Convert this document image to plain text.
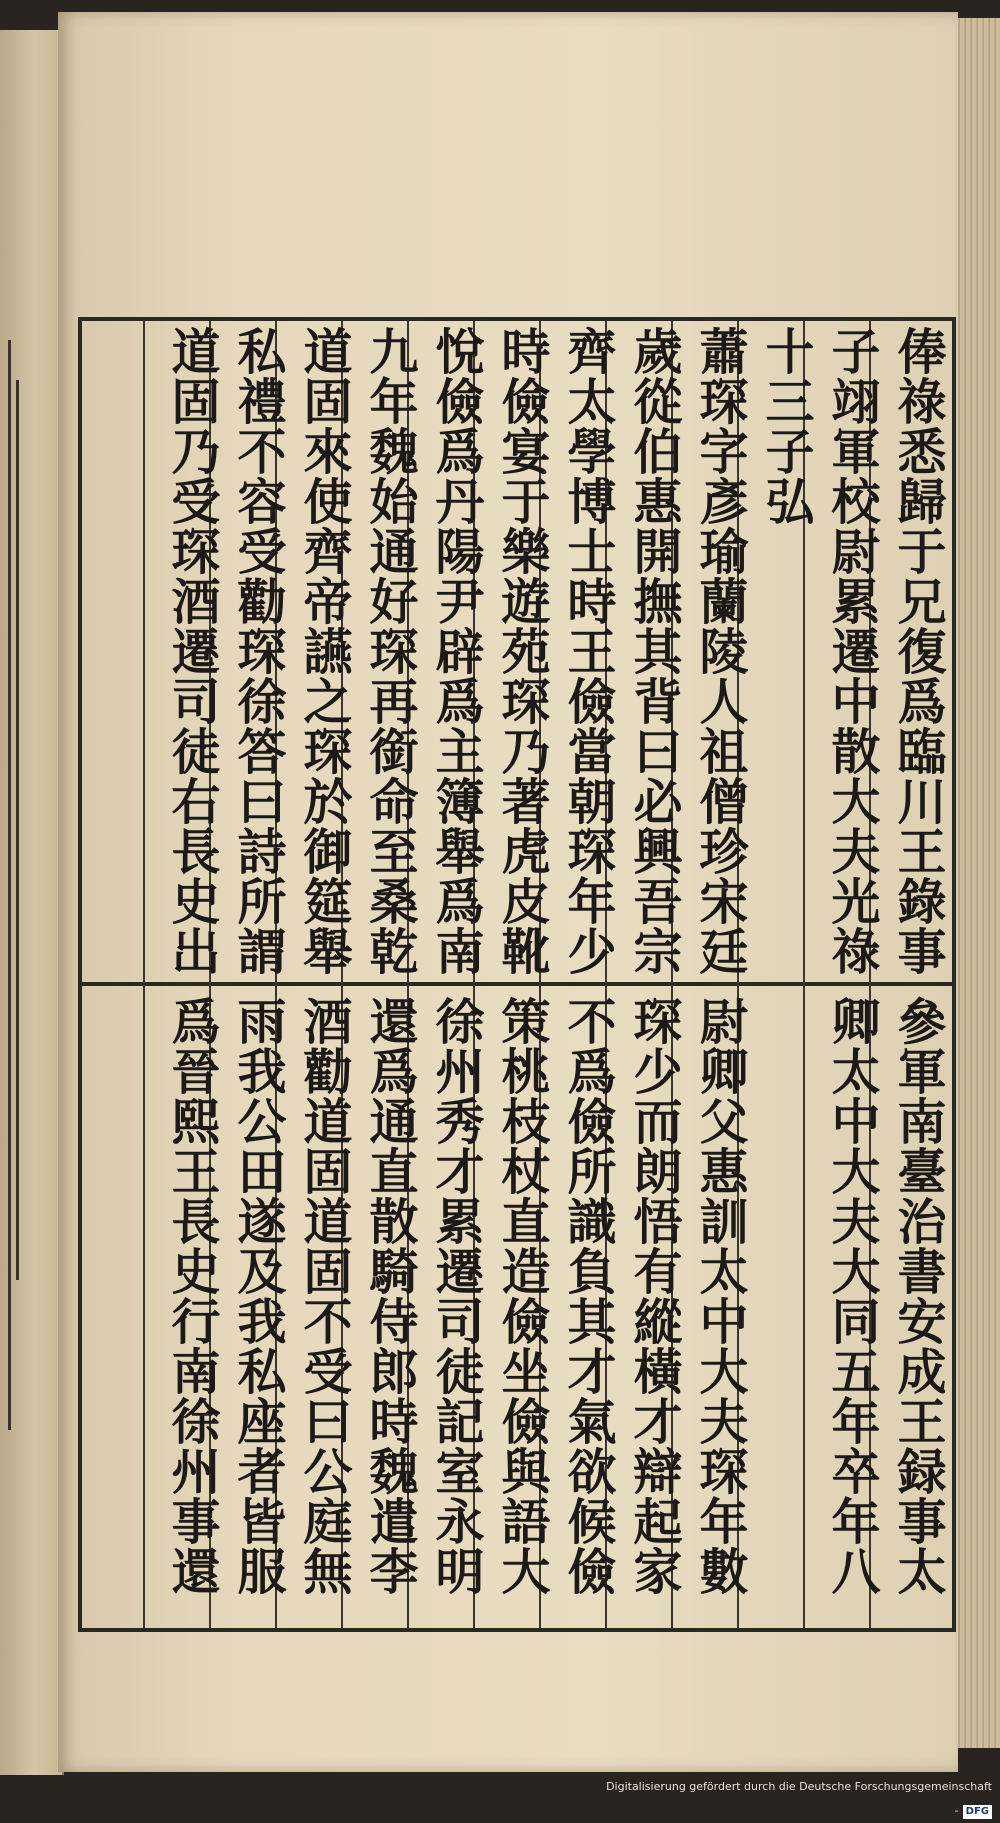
俸祿悉歸于兄復爲臨川王錄事
子翊軍校尉累遷中散大夫光祿
十三子弘
蕭琛字彥瑜蘭陵人祖僧珍宋廷
歲從伯惠開撫其背曰必興吾宗
齊太學博士時王儉當朝琛年少
時儉宴于樂遊苑琛乃著虎皮靴
悅儉爲丹陽尹辟爲主簿舉爲南
九年魏始通好琛再銜命至桑乾
道固來使齊帝讌之琛於御筵舉
私禮不容受勸琛徐答曰詩所謂
道固乃受琛酒遷司徒右長史出
參軍南臺治書安成王録事太
卿太中大夫大同五年卒年八
尉卿父惠訓太中大夫琛年數
琛少而朗悟有縱橫才辯起家
不爲儉所識負其才氣欲候儉
策桃枝杖直造儉坐儉與語大
徐州秀才累遷司徒記室永明
還爲通直散騎侍郎時魏遣李
酒勸道固道固不受曰公庭無
雨我公田遂及我私座者皆服
爲晉熙王長史行南徐州事還
Digitalisierung gefördert durch die Deutsche Forschungsgemeinschaft - DFG
